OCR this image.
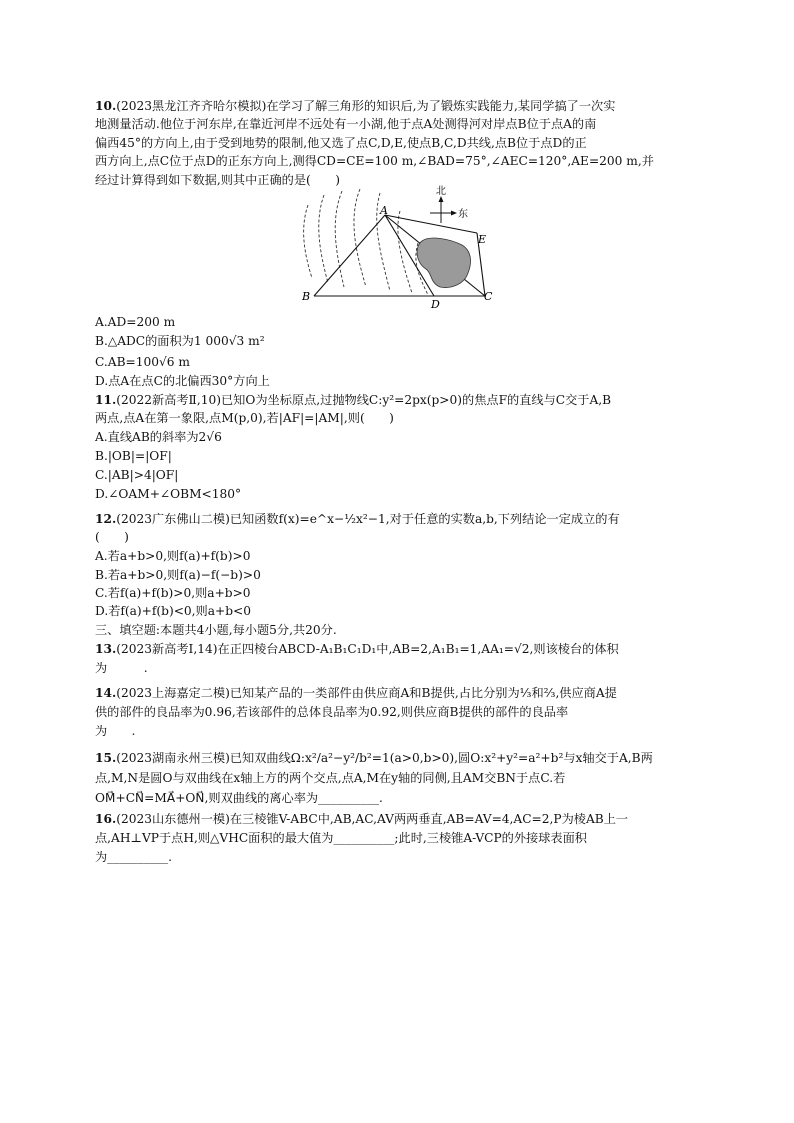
10.(2023黑龙江齐齐哈尔模拟)在学习了解三角形的知识后,为了锻炼实践能力,某同学搞了一次实
地测量活动.他位于河东岸,在靠近河岸不远处有一小湖,他于点A处测得河对岸点B位于点A的南
偏西45°的方向上,由于受到地势的限制,他又选了点C,D,E,使点B,C,D共线,点B位于点D的正
西方向上,点C位于点D的正东方向上,测得CD=CE=100 m,∠BAD=75°,∠AEC=120°,AE=200 m,并
经过计算得到如下数据,则其中正确的是(　　)
北
东
A
B	C
D
E
A.AD=200 m
B.△ADC的面积为1 000√3 m²
C.AB=100√6 m
D.点A在点C的北偏西30°方向上
11.(2022新高考Ⅱ,10)已知O为坐标原点,过抛物线C:y²=2px(p>0)的焦点F的直线与C交于A,B
两点,点A在第一象限,点M(p,0),若|AF|=|AM|,则(　　)
A.直线AB的斜率为2√6
B.|OB|=|OF|
C.|AB|>4|OF|
D.∠OAM+∠OBM<180°
12.(2023广东佛山二模)已知函数f(x)=e^x−½x²−1,对于任意的实数a,b,下列结论一定成立的有
(　　)
A.若a+b>0,则f(a)+f(b)>0
B.若a+b>0,则f(a)−f(−b)>0
C.若f(a)+f(b)>0,则a+b>0
D.若f(a)+f(b)<0,则a+b<0
三、填空题:本题共4小题,每小题5分,共20分.
13.(2023新高考Ⅰ,14)在正四棱台ABCD-A₁B₁C₁D₁中,AB=2,A₁B₁=1,AA₁=√2,则该棱台的体积
为　　　.
14.(2023上海嘉定二模)已知某产品的一类部件由供应商A和B提供,占比分别为⅓和⅔,供应商A提
供的部件的良品率为0.96,若该部件的总体良品率为0.92,则供应商B提供的部件的良品率
为　　.
15.(2023湖南永州三模)已知双曲线Ω:x²/a²−y²/b²=1(a>0,b>0),圆O:x²+y²=a²+b²与x轴交于A,B两
点,M,N是圆O与双曲线在x轴上方的两个交点,点A,M在y轴的同侧,且AM交BN于点C.若
OM⃗+CN⃗=MA⃗+ON⃗,则双曲线的离心率为__________.
16.(2023山东德州一模)在三棱锥V-ABC中,AB,AC,AV两两垂直,AB=AV=4,AC=2,P为棱AB上一
点,AH⊥VP于点H,则△VHC面积的最大值为__________;此时,三棱锥A-VCP的外接球表面积
为__________.
